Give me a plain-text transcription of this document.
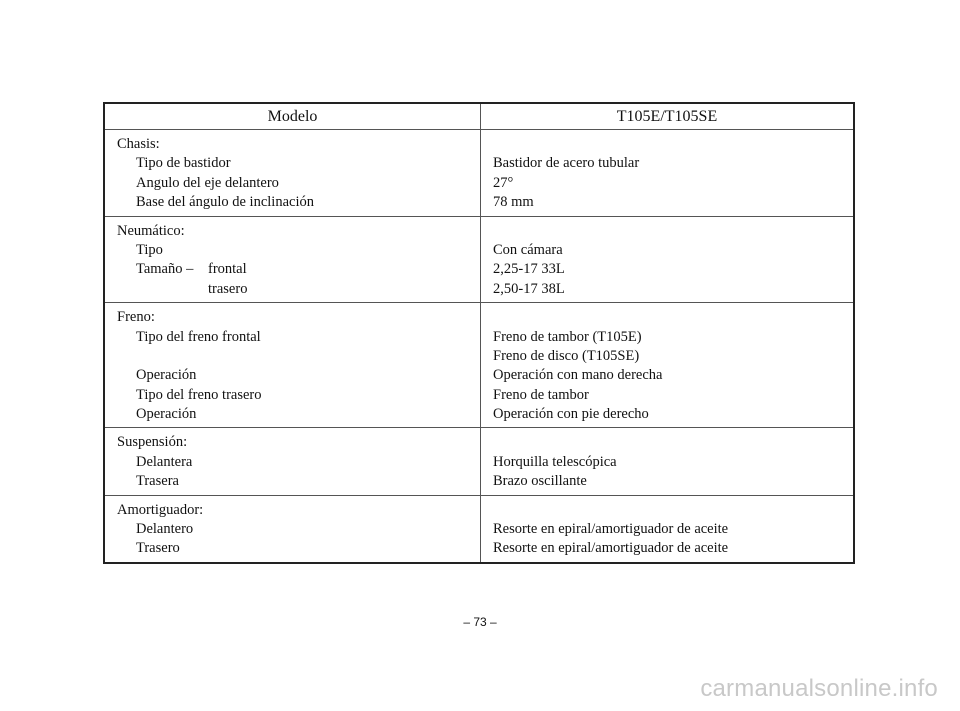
Modelo	T105E/T105SE
Chasis:
Tipo de bastidor
Angulo del eje delantero
Base del ángulo de inclinación
Bastidor de acero tubular
27°
78 mm
Neumático:
Tipo
Tamaño – frontal
trasero
Con cámara
2,25-17 33L
2,50-17 38L
Freno:
Tipo del freno frontal
Operación
Tipo del freno trasero
Operación
Freno de tambor (T105E)
Freno de disco (T105SE)
Operación con mano derecha
Freno de tambor
Operación con pie derecho
Suspensión:
Delantera
Trasera
Horquilla telescópica
Brazo oscillante
Amortiguador:
Delantero
Trasero
Resorte en epiral/amortiguador de aceite
Resorte en epiral/amortiguador de aceite
– 73 –
carmanualsonline.info
